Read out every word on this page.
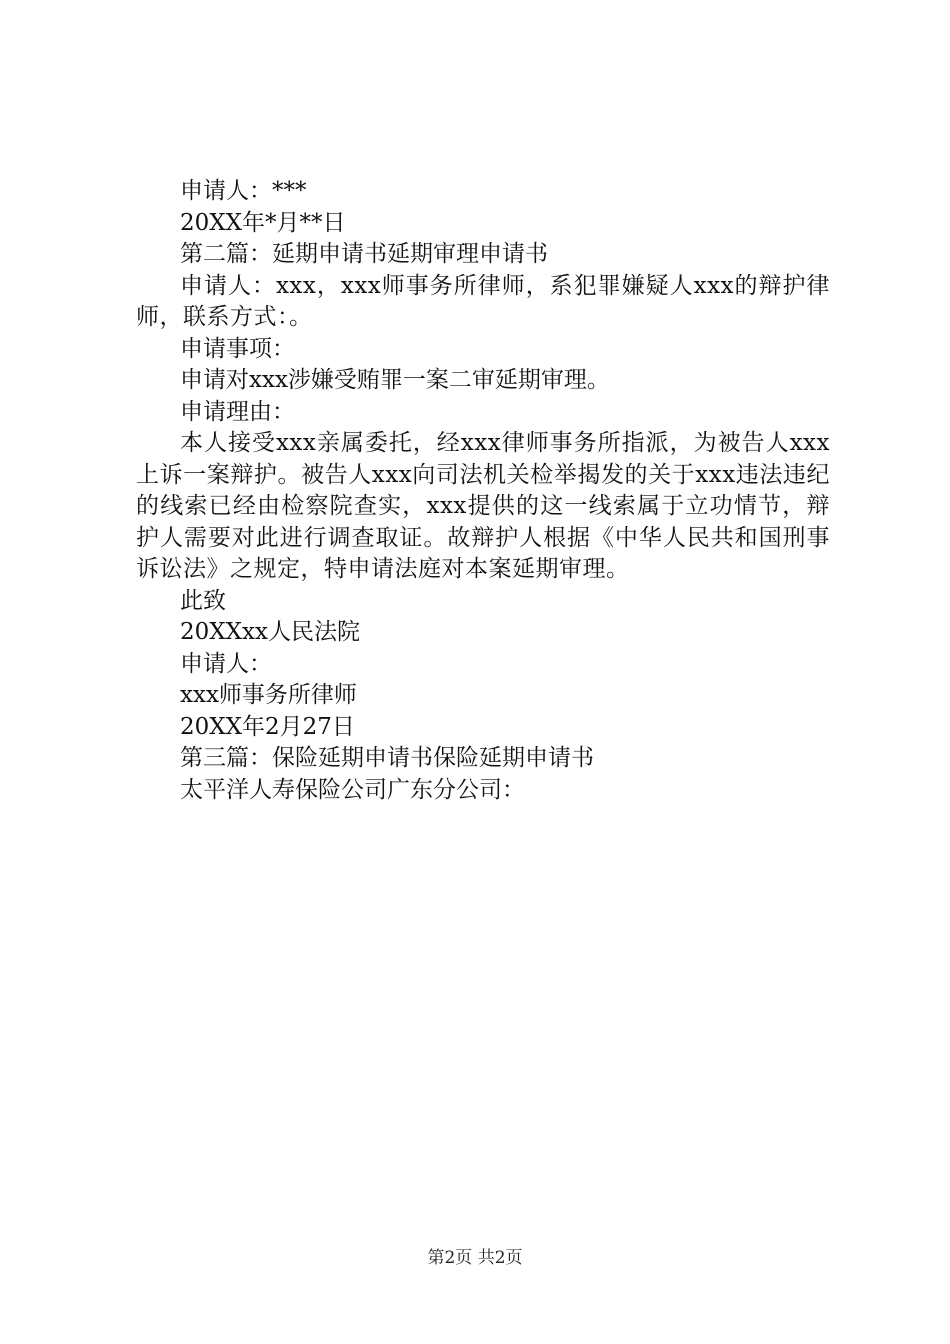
申请人：***
20XX年*月**日
第二篇：延期申请书延期审理申请书
申请人：xxx，xxx师事务所律师，系犯罪嫌疑人xxx的辩护律师，联系方式：。
申请事项：
申请对xxx涉嫌受贿罪一案二审延期审理。
申请理由：
本人接受xxx亲属委托，经xxx律师事务所指派，为被告人xxx上诉一案辩护。被告人xxx向司法机关检举揭发的关于xxx违法违纪的线索已经由检察院查实，xxx提供的这一线索属于立功情节，辩护人需要对此进行调查取证。故辩护人根据《中华人民共和国刑事诉讼法》之规定，特申请法庭对本案延期审理。
此致
20XXxx人民法院
申请人：
xxx师事务所律师
20XX年2月27日
第三篇：保险延期申请书保险延期申请书
太平洋人寿保险公司广东分公司：
第2页 共2页
